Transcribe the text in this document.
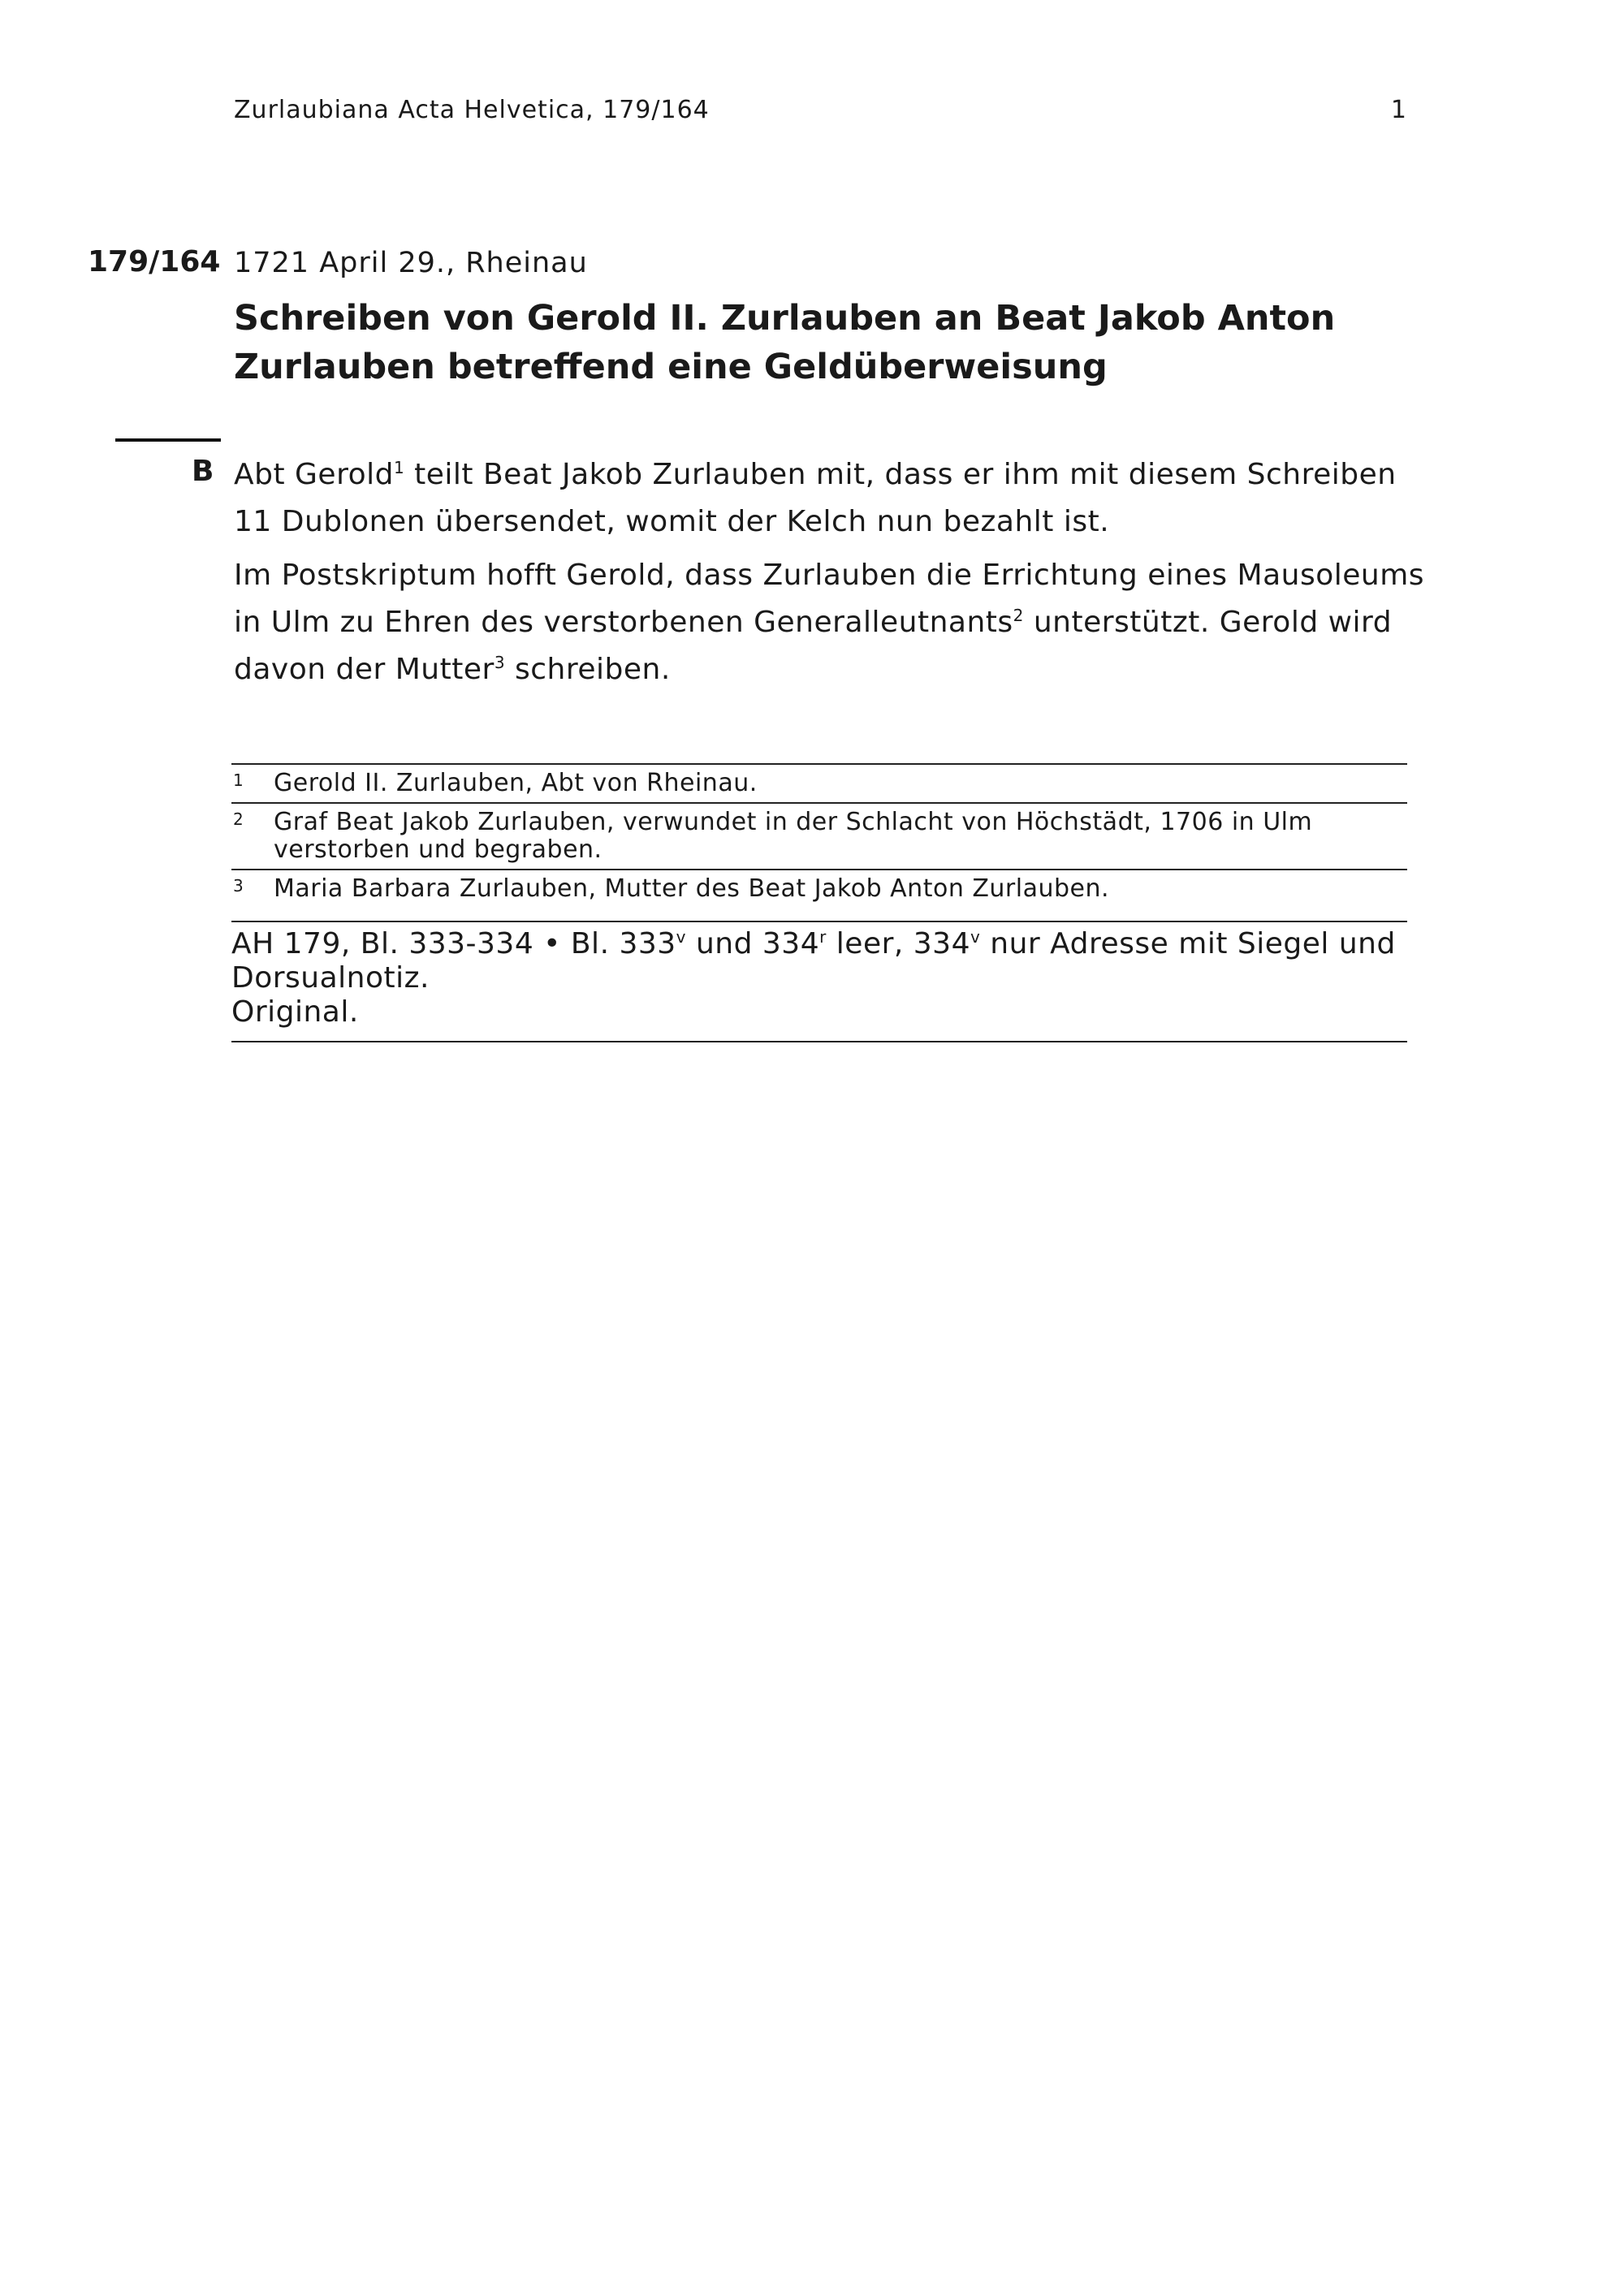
Zurlaubiana Acta Helvetica, 179/164	1
179/164 1721 April 29., Rheinau
Schreiben von Gerold II. Zurlauben an Beat Jakob Anton
Zurlauben betreffend eine Geldüberweisung
B Abt Gerold$^1$ teilt Beat Jakob Zurlauben mit, dass er ihm mit diesem Schreiben
11 Dublonen übersendet, womit der Kelch nun bezahlt ist.
Im Postskriptum hofft Gerold, dass Zurlauben die Errichtung eines Mausoleums
in Ulm zu Ehren des verstorbenen Generalleutnants$^2$ unterstützt. Gerold wird
davon der Mutter$^3$ schreiben.
1 Gerold II. Zurlauben, Abt von Rheinau.
2 Graf Beat Jakob Zurlauben, verwundet in der Schlacht von Höchstädt, 1706 in Ulm
verstorben und begraben.
3 Maria Barbara Zurlauben, Mutter des Beat Jakob Anton Zurlauben.
AH 179, Bl. 333-334 • Bl. 333$^v$ und 334$^r$ leer, 334$^v$ nur Adresse mit Siegel und
Dorsualnotiz.
Original.
